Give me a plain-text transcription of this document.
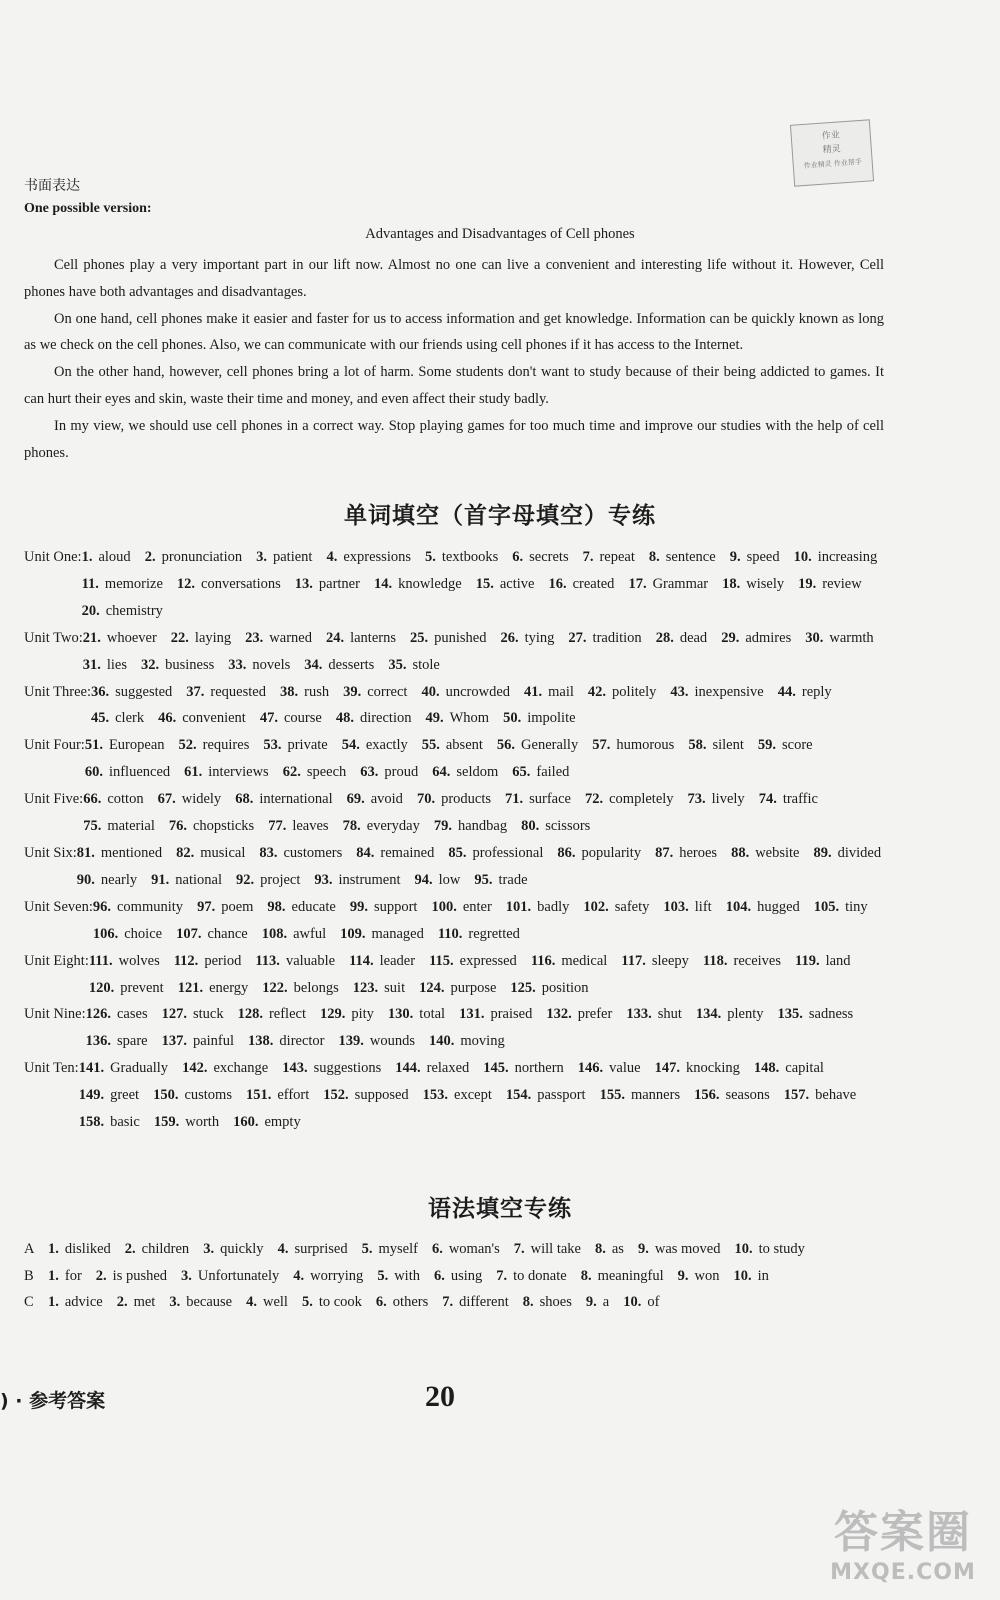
作业
精灵
作业精灵 作业帮手
书面表达
One possible version:
Advantages and Disadvantages of Cell phones

Cell phones play a very important part in our lift now. Almost no one can live a convenient and interesting life without it. However, Cell phones have both advantages and disadvantages.

On one hand, cell phones make it easier and faster for us to access information and get knowledge. Information can be quickly known as long as we check on the cell phones. Also, we can communicate with our friends using cell phones if it has access to the Internet.

On the other hand, however, cell phones bring a lot of harm. Some students don't want to study because of their being addicted to games. It can hurt their eyes and skin, waste their time and money, and even affect their study badly.

In my view, we should use cell phones in a correct way. Stop playing games for too much time and improve our studies with the help of cell phones.

单词填空（首字母填空）专练
Unit One: 1. aloud 2. pronunciation 3. patient 4. expressions 5. textbooks 6. secrets 7. repeat 8. sentence 9. speed 10. increasing
11. memorize 12. conversations 13. partner 14. knowledge 15. active 16. created 17. Grammar 18. wisely 19. review
20. chemistry
Unit Two: 21. whoever 22. laying 23. warned 24. lanterns 25. punished 26. tying 27. tradition 28. dead 29. admires 30. warmth
31. lies 32. business 33. novels 34. desserts 35. stole
Unit Three: 36. suggested 37. requested 38. rush 39. correct 40. uncrowded 41. mail 42. politely 43. inexpensive 44. reply
45. clerk 46. convenient 47. course 48. direction 49. Whom 50. impolite
Unit Four: 51. European 52. requires 53. private 54. exactly 55. absent 56. Generally 57. humorous 58. silent 59. score
60. influenced 61. interviews 62. speech 63. proud 64. seldom 65. failed
Unit Five: 66. cotton 67. widely 68. international 69. avoid 70. products 71. surface 72. completely 73. lively 74. traffic
75. material 76. chopsticks 77. leaves 78. everyday 79. handbag 80. scissors
Unit Six: 81. mentioned 82. musical 83. customers 84. remained 85. professional 86. popularity 87. heroes 88. website 89. divided
90. nearly 91. national 92. project 93. instrument 94. low 95. trade
Unit Seven: 96. community 97. poem 98. educate 99. support 100. enter 101. badly 102. safety 103. lift 104. hugged 105. tiny
106. choice 107. chance 108. awful 109. managed 110. regretted
Unit Eight: 111. wolves 112. period 113. valuable 114. leader 115. expressed 116. medical 117. sleepy 118. receives 119. land
120. prevent 121. energy 122. belongs 123. suit 124. purpose 125. position
Unit Nine: 126. cases 127. stuck 128. reflect 129. pity 130. total 131. praised 132. prefer 133. shut 134. plenty 135. sadness
136. spare 137. painful 138. director 139. wounds 140. moving
Unit Ten: 141. Gradually 142. exchange 143. suggestions 144. relaxed 145. northern 146. value 147. knocking 148. capital
149. greet 150. customs 151. effort 152. supposed 153. except 154. passport 155. manners 156. seasons 157. behave
158. basic 159. worth 160. empty
语法填空专练
A 1. disliked 2. children 3. quickly 4. surprised 5. myself 6. woman's 7. will take 8. as 9. was moved 10. to study
B 1. for 2. is pushed 3. Unfortunately 4. worrying 5. with 6. using 7. to donate 8. meaningful 9. won 10. in
C 1. advice 2. met 3. because 4. well 5. to cook 6. others 7. different 8. shoes 9. a 10. of
) · 参考答案	20
答案圈
MXQE.COM
